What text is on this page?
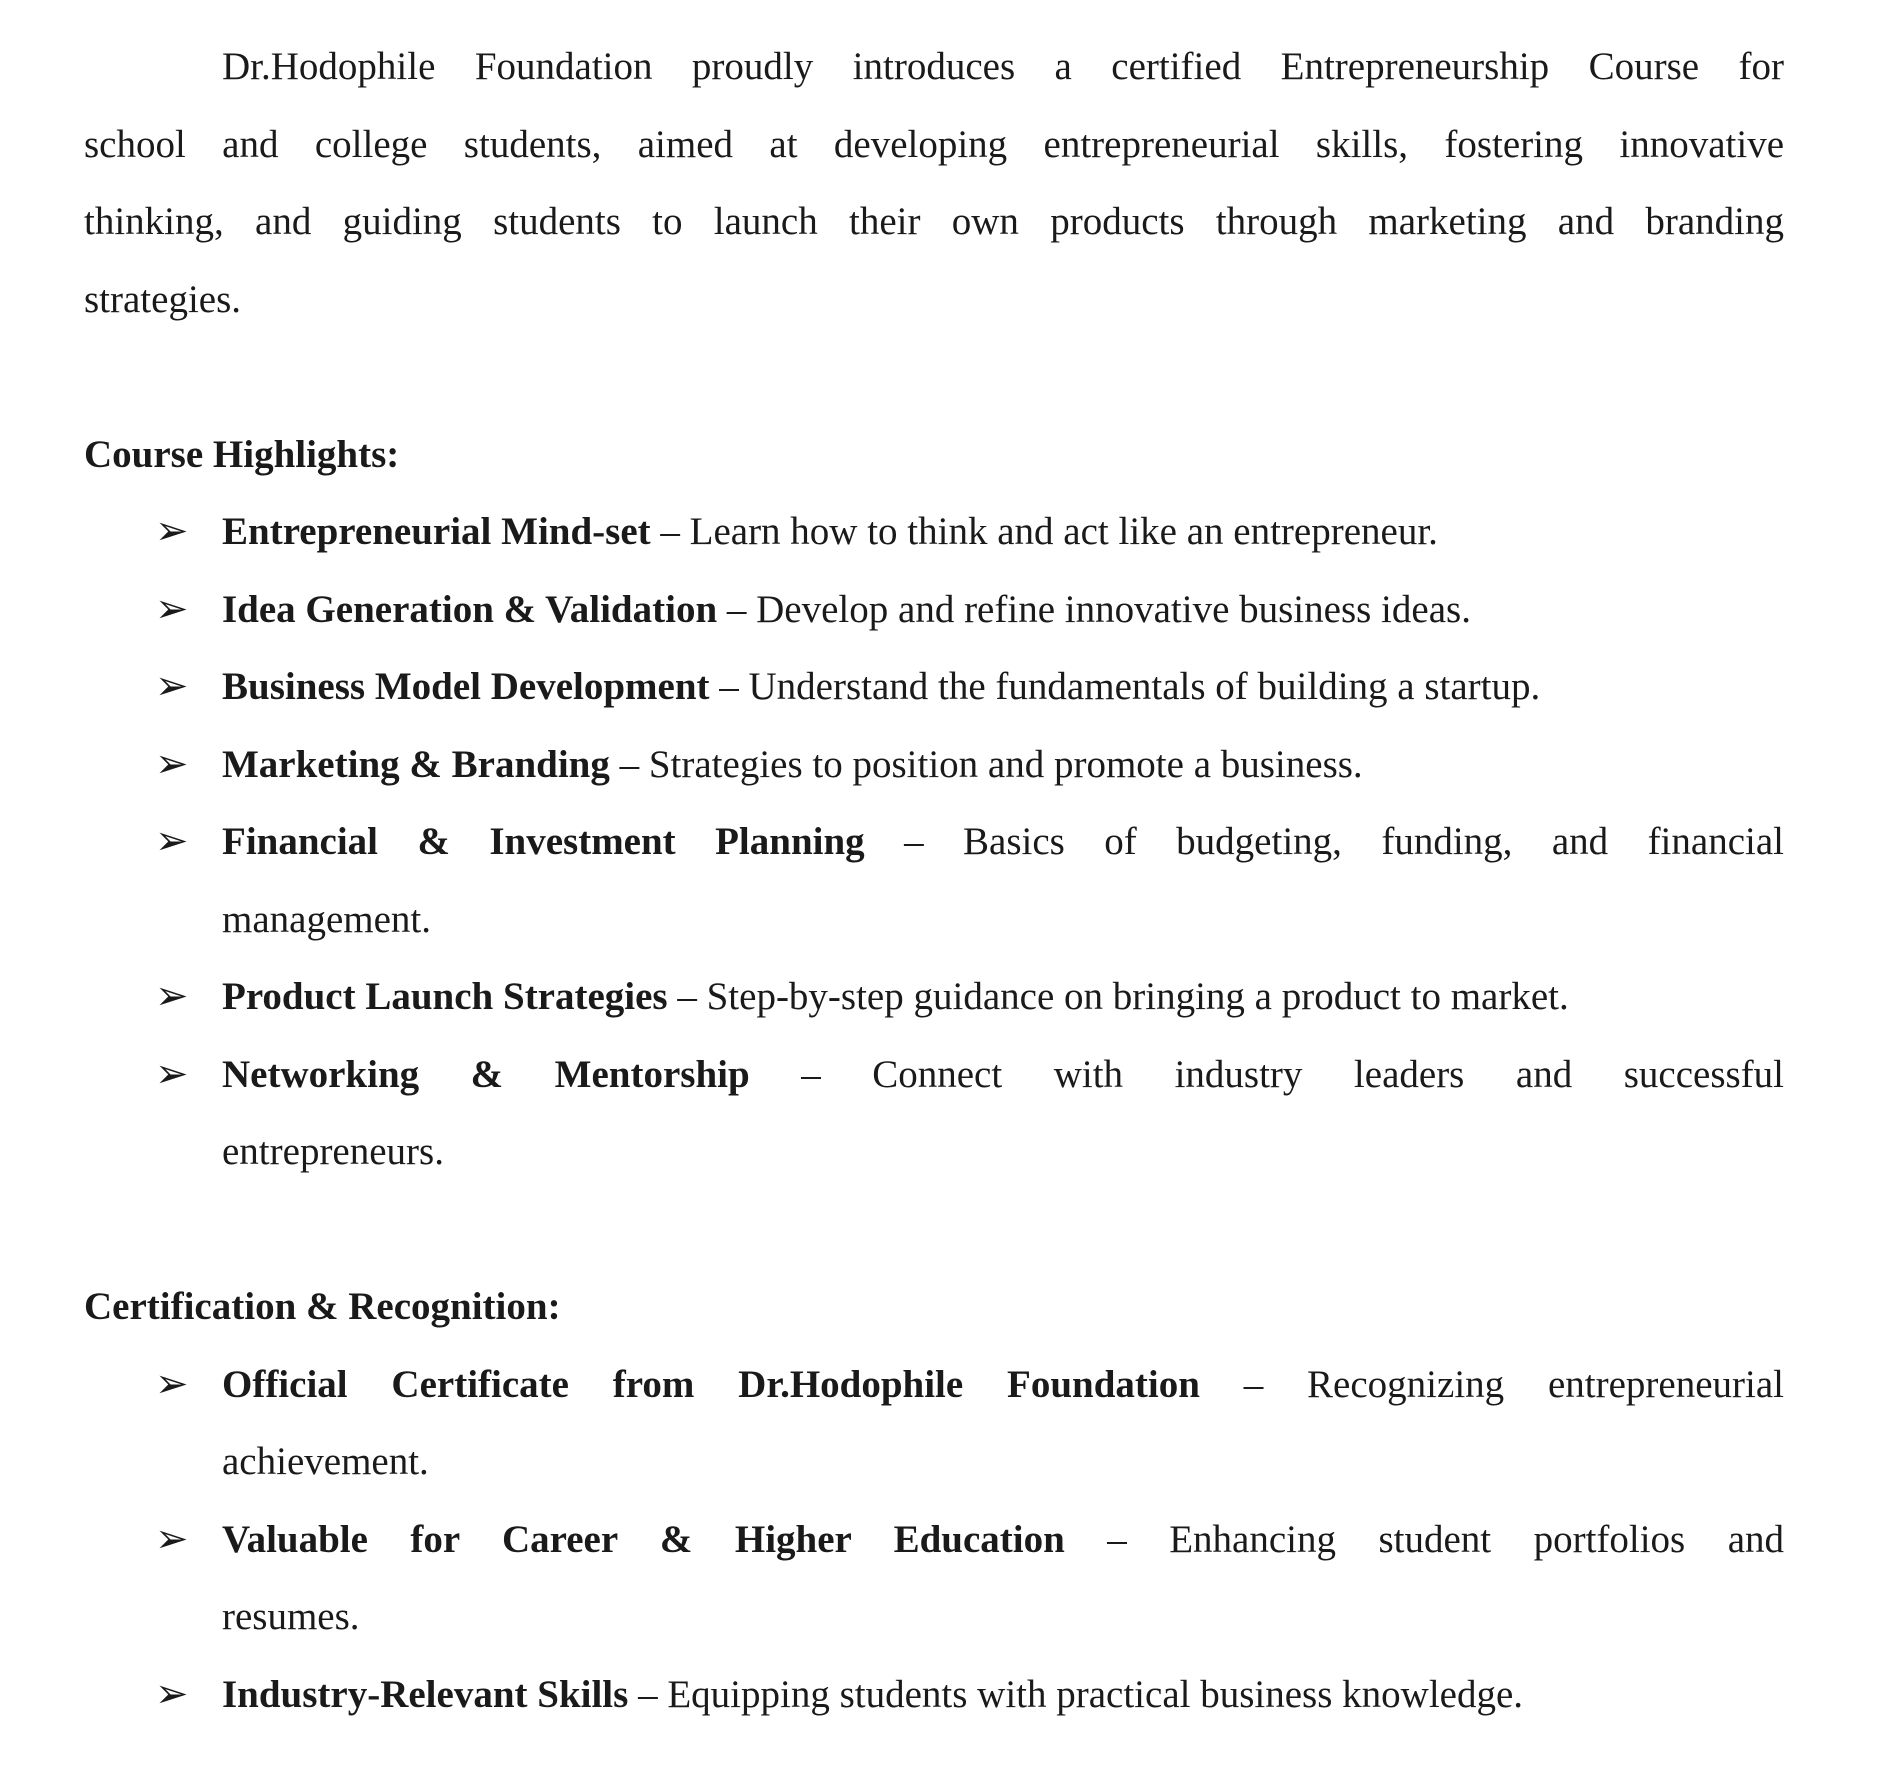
Dr.Hodophile Foundation proudly introduces a certified Entrepreneurship Course for
school and college students, aimed at developing entrepreneurial skills, fostering innovative
thinking, and guiding students to launch their own products through marketing and branding
strategies.
Course Highlights:
➢ Entrepreneurial Mind-set – Learn how to think and act like an entrepreneur.
➢ Idea Generation & Validation – Develop and refine innovative business ideas.
➢ Business Model Development – Understand the fundamentals of building a startup.
➢ Marketing & Branding – Strategies to position and promote a business.
➢ Financial & Investment Planning – Basics of budgeting, funding, and financial
management.
➢ Product Launch Strategies – Step-by-step guidance on bringing a product to market.
➢ Networking & Mentorship – Connect with industry leaders and successful
entrepreneurs.
Certification & Recognition:
➢ Official Certificate from Dr.Hodophile Foundation – Recognizing entrepreneurial
achievement.
➢ Valuable for Career & Higher Education – Enhancing student portfolios and
resumes.
➢ Industry-Relevant Skills – Equipping students with practical business knowledge.
